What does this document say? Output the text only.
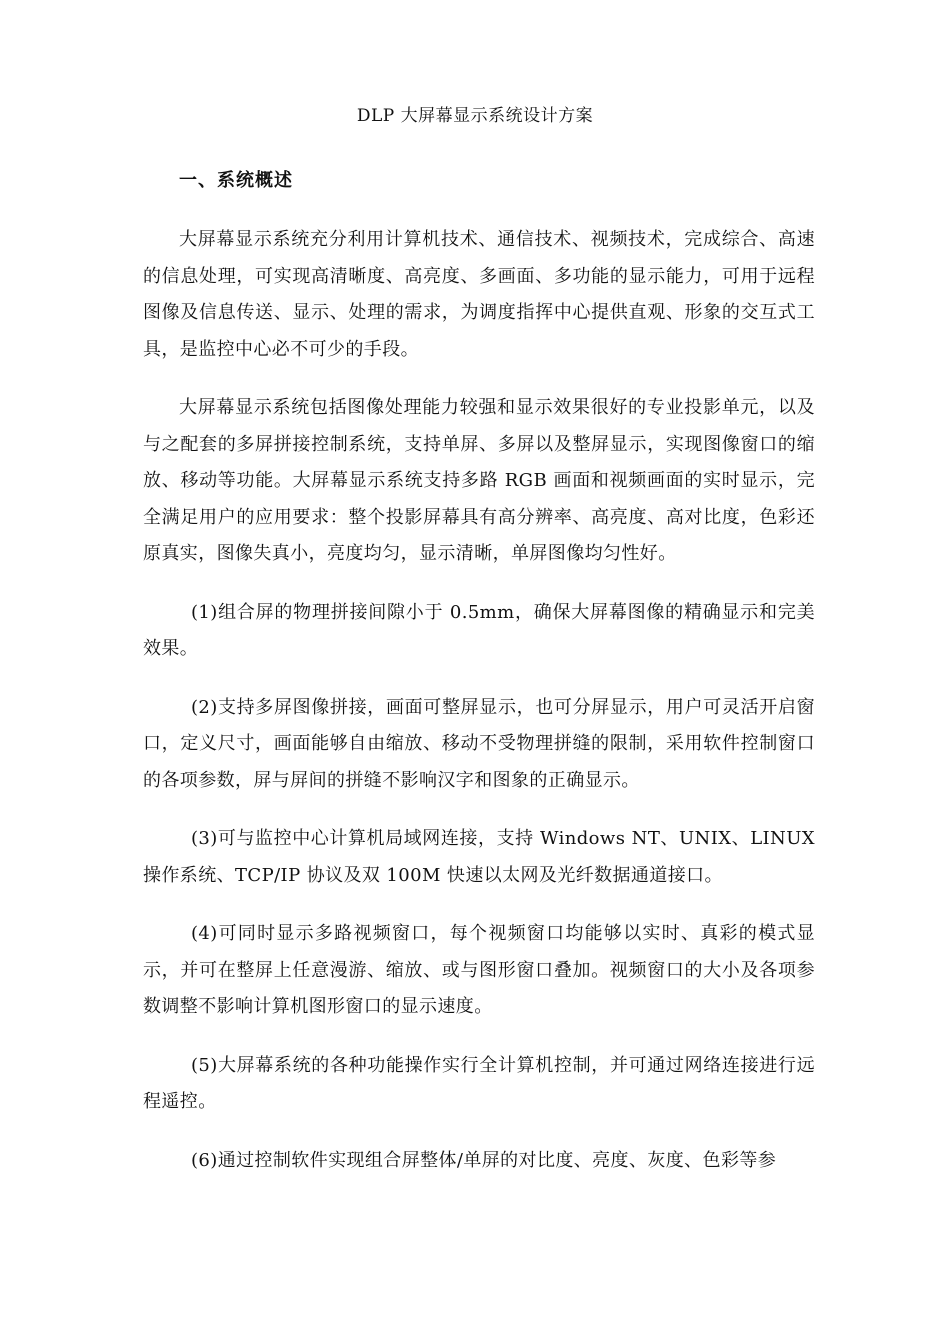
DLP 大屏幕显示系统设计方案
一、系统概述

大屏幕显示系统充分利用计算机技术、通信技术、视频技术，完成综合、高速的信息处理，可实现高清晰度、高亮度、多画面、多功能的显示能力，可用于远程图像及信息传送、显示、处理的需求，为调度指挥中心提供直观、形象的交互式工具，是监控中心必不可少的手段。

大屏幕显示系统包括图像处理能力较强和显示效果很好的专业投影单元，以及与之配套的多屏拼接控制系统，支持单屏、多屏以及整屏显示，实现图像窗口的缩放、移动等功能。大屏幕显示系统支持多路 RGB 画面和视频画面的实时显示，完全满足用户的应用要求：整个投影屏幕具有高分辨率、高亮度、高对比度，色彩还原真实，图像失真小，亮度均匀，显示清晰，单屏图像均匀性好。

(1)组合屏的物理拼接间隙小于 0.5mm，确保大屏幕图像的精确显示和完美效果。

(2)支持多屏图像拼接，画面可整屏显示，也可分屏显示，用户可灵活开启窗口，定义尺寸，画面能够自由缩放、移动不受物理拼缝的限制，采用软件控制窗口的各项参数，屏与屏间的拼缝不影响汉字和图象的正确显示。

(3)可与监控中心计算机局域网连接，支持 Windows NT、UNIX、LINUX 操作系统、TCP/IP 协议及双 100M 快速以太网及光纤数据通道接口。

(4)可同时显示多路视频窗口，每个视频窗口均能够以实时、真彩的模式显示，并可在整屏上任意漫游、缩放、或与图形窗口叠加。视频窗口的大小及各项参数调整不影响计算机图形窗口的显示速度。

(5)大屏幕系统的各种功能操作实行全计算机控制，并可通过网络连接进行远程遥控。

(6)通过控制软件实现组合屏整体/单屏的对比度、亮度、灰度、色彩等参
